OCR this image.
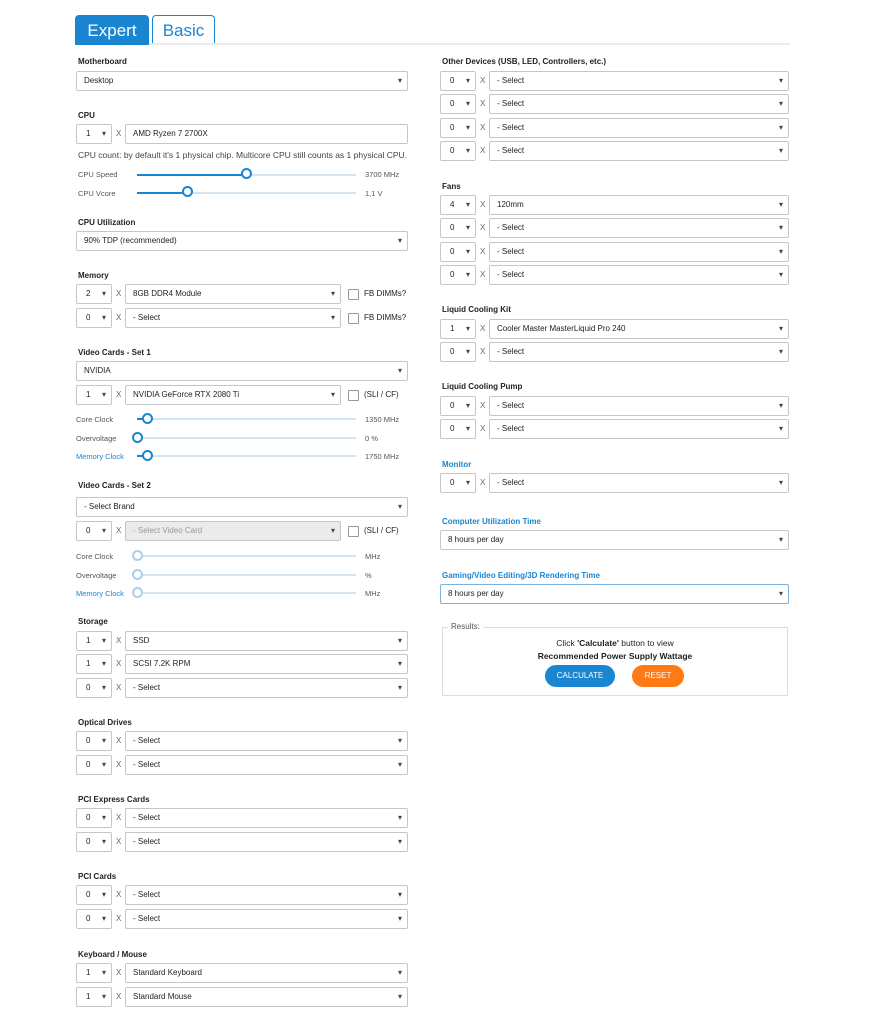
Expert	Basic
Motherboard
Desktop ▾
CPU
1 ▾	X	AMD Ryzen 7 2700X
CPU count: by default it's 1 physical chip. Multicore CPU still counts as 1 physical CPU.
CPU Speed	3700 MHz
CPU Vcore	1,1 V
CPU Utilization
90% TDP (recommended) ▾
Memory
2 ▾	X	8GB DDR4 Module ▾	FB DIMMs?
0 ▾	X	- Select ▾	FB DIMMs?
Video Cards - Set 1
NVIDIA ▾
1 ▾	X	NVIDIA GeForce RTX 2080 Ti ▾	(SLI / CF)
Core Clock	1350 MHz
Overvoltage	0 %
Memory Clock	1750 MHz
Video Cards - Set 2
- Select Brand ▾
0 ▾	X	- Select Video Card ▾	(SLI / CF)
Core Clock	MHz
Overvoltage	%
Memory Clock	MHz
Storage
1 ▾	X	SSD ▾
1 ▾	X	SCSI 7.2K RPM ▾
0 ▾	X	- Select ▾
Optical Drives
0 ▾	X	- Select ▾
0 ▾	X	- Select ▾
PCI Express Cards
0 ▾	X	- Select ▾
0 ▾	X	- Select ▾
PCI Cards
0 ▾	X	- Select ▾
0 ▾	X	- Select ▾
Keyboard / Mouse
1 ▾	X	Standard Keyboard ▾
1 ▾	X	Standard Mouse ▾
Other Devices (USB, LED, Controllers, etc.)
0 ▾	X	- Select ▾
0 ▾	X	- Select ▾
0 ▾	X	- Select ▾
0 ▾	X	- Select ▾
Fans
4 ▾	X	120mm ▾
0 ▾	X	- Select ▾
0 ▾	X	- Select ▾
0 ▾	X	- Select ▾
Liquid Cooling Kit
1 ▾	X	Cooler Master MasterLiquid Pro 240 ▾
0 ▾	X	- Select ▾
Liquid Cooling Pump
0 ▾	X	- Select ▾
0 ▾	X	- Select ▾
Monitor
0 ▾	X	- Select ▾
Computer Utilization Time
8 hours per day ▾
Gaming/Video Editing/3D Rendering Time
8 hours per day ▾
Results:
Click 'Calculate' button to view
Recommended Power Supply Wattage
CALCULATE	RESET
